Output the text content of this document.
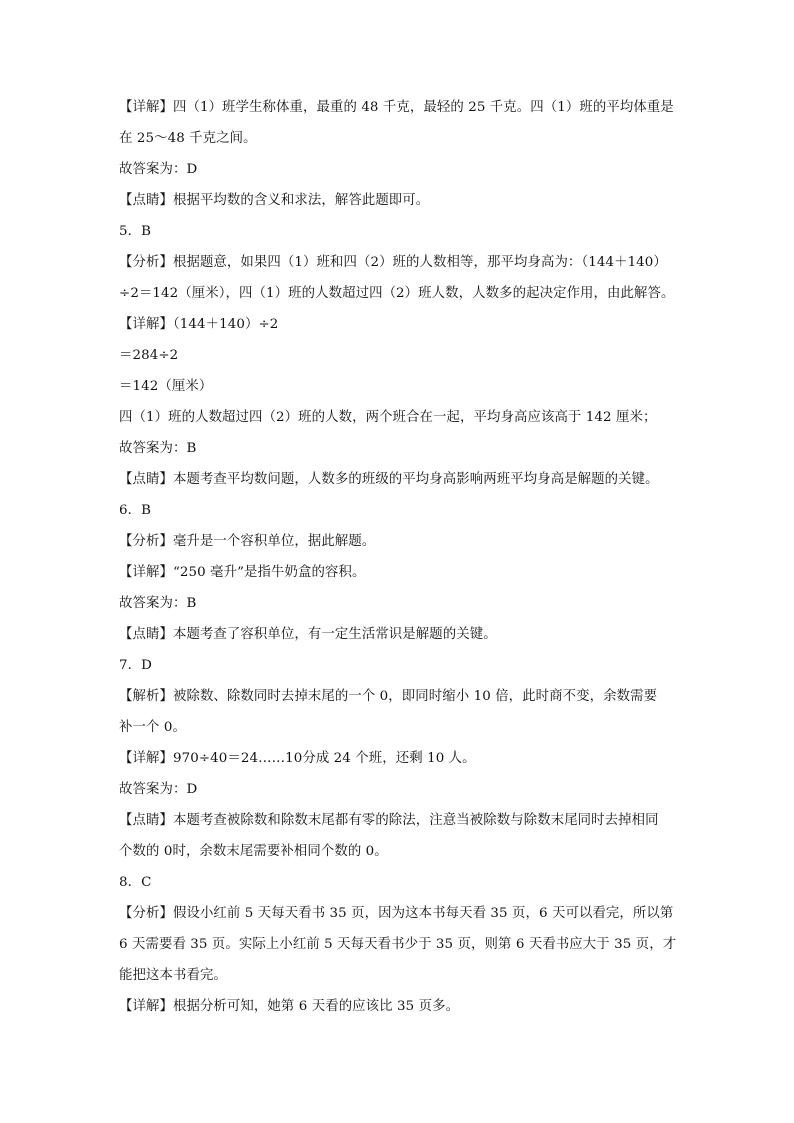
【详解】四（1）班学生称体重，最重的 48 千克，最轻的 25 千克。四（1）班的平均体重是
在 25～48 千克之间。
故答案为：D
【点睛】根据平均数的含义和求法，解答此题即可。
5．B
【分析】根据题意，如果四（1）班和四（2）班的人数相等，那平均身高为：（144＋140）
÷2＝142（厘米），四（1）班的人数超过四（2）班人数，人数多的起决定作用，由此解答。
【详解】（144＋140）÷2
＝284÷2
＝142（厘米）
四（1）班的人数超过四（2）班的人数，两个班合在一起，平均身高应该高于 142 厘米；
故答案为：B
【点睛】本题考查平均数问题，人数多的班级的平均身高影响两班平均身高是解题的关键。
6．B
【分析】毫升是一个容积单位，据此解题。
【详解】“250 毫升”是指牛奶盒的容积。
故答案为：B
【点睛】本题考查了容积单位，有一定生活常识是解题的关键。
7．D
【解析】被除数、除数同时去掉末尾的一个 0，即同时缩小 10 倍，此时商不变，余数需要
补一个 0。
【详解】970÷40＝24……10分成 24 个班，还剩 10 人。
故答案为：D
【点睛】本题考查被除数和除数末尾都有零的除法，注意当被除数与除数末尾同时去掉相同
个数的 0时，余数末尾需要补相同个数的 0。
8．C
【分析】假设小红前 5 天每天看书 35 页，因为这本书每天看 35 页，6 天可以看完，所以第
6 天需要看 35 页。实际上小红前 5 天每天看书少于 35 页，则第 6 天看书应大于 35 页，才
能把这本书看完。
【详解】根据分析可知，她第 6 天看的应该比 35 页多。
